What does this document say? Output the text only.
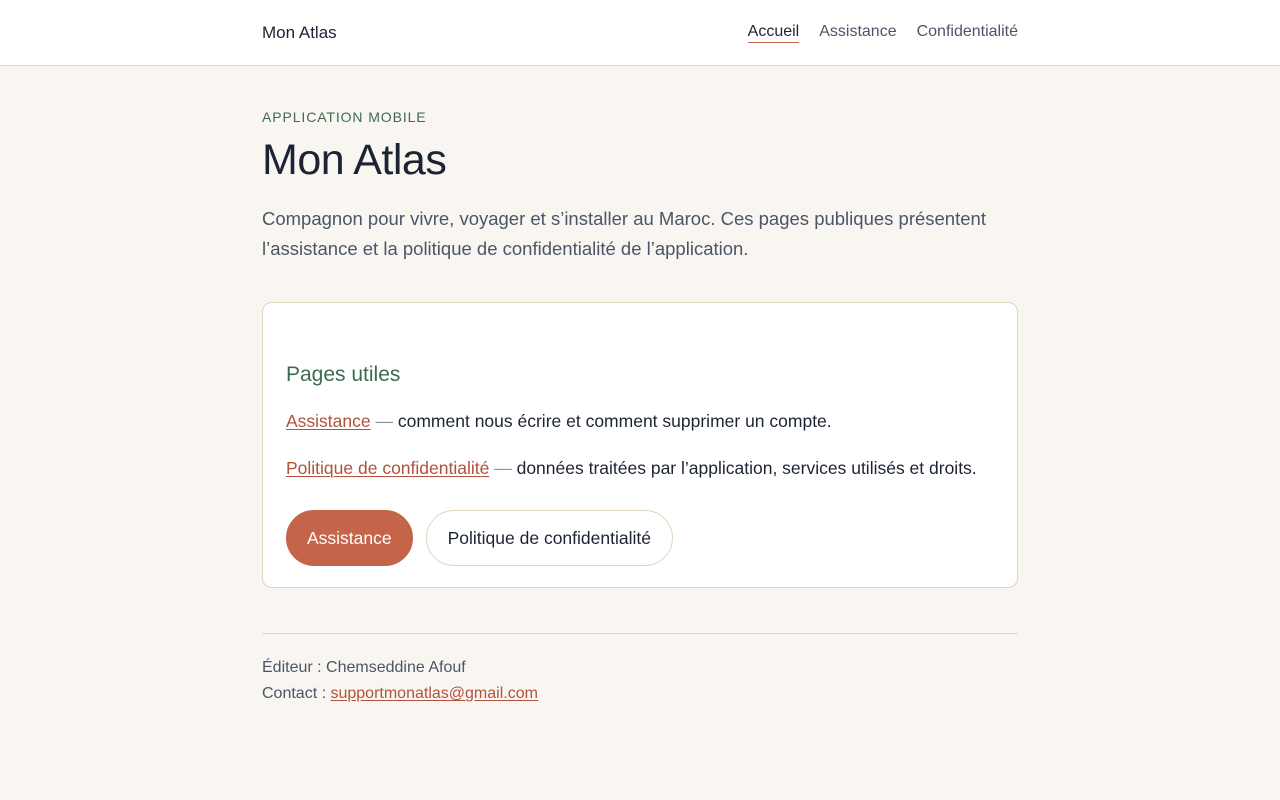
Mon Atlas	Accueil Assistance Confidentialité
APPLICATION MOBILE
Mon Atlas

Compagnon pour vivre, voyager et s’installer au Maroc. Ces pages publiques présentent l’assistance et la politique de confidentialité de l’application.

Pages utiles

Assistance — comment nous écrire et comment supprimer un compte.

Politique de confidentialité — données traitées par l’application, services utilisés et droits.

Assistance	Politique de confidentialité
Éditeur : Chemseddine Afouf
Contact : supportmonatlas@gmail.com
